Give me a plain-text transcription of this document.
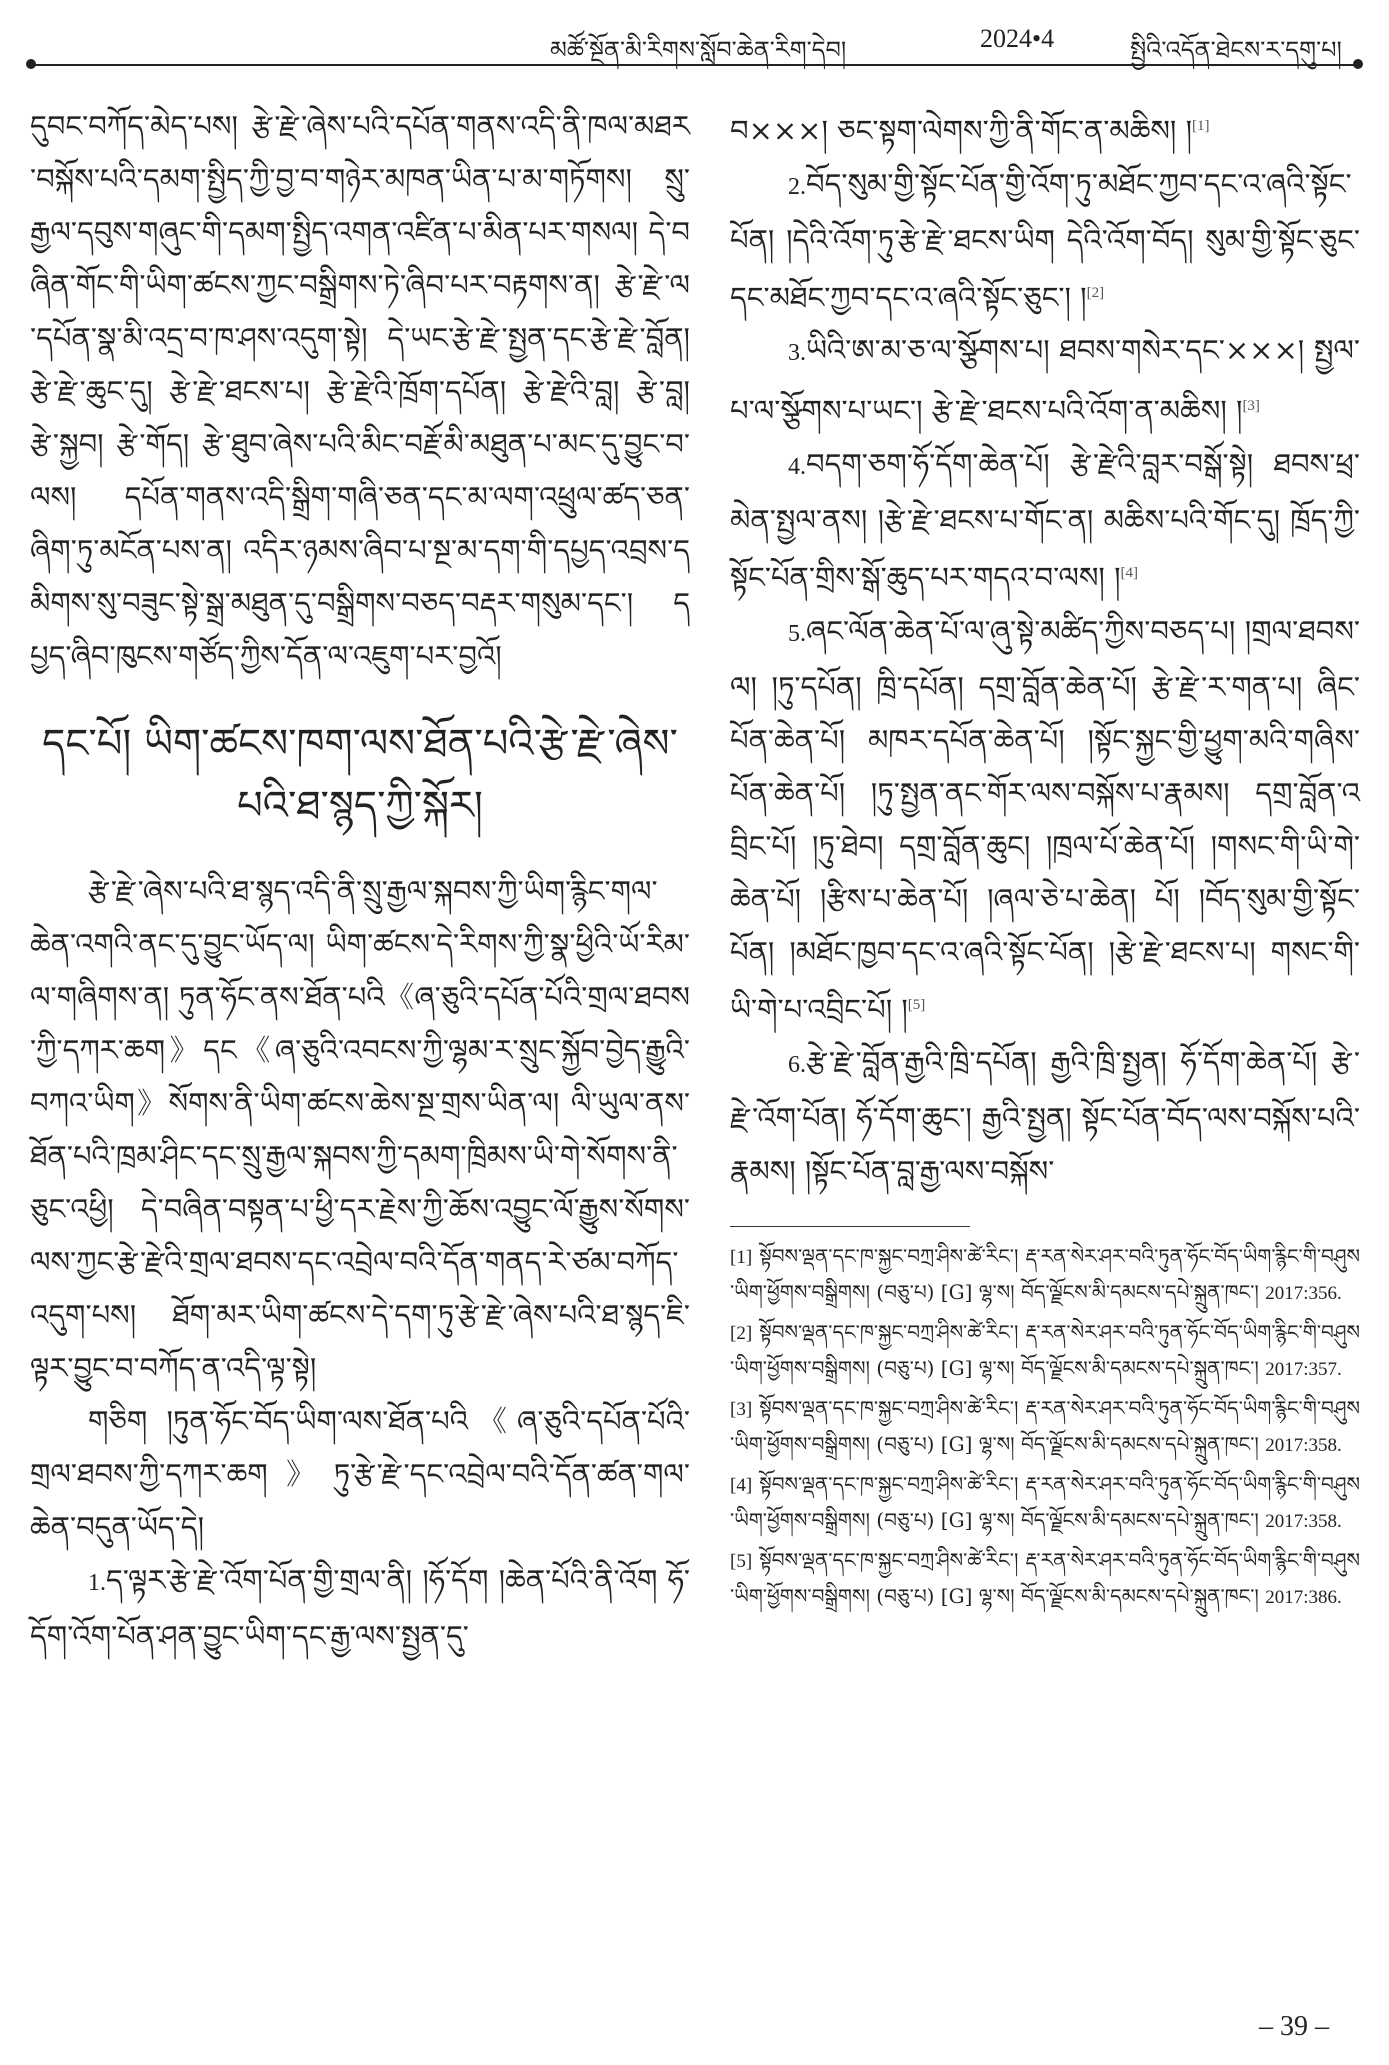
མཚོ་སྔོན་མི་རིགས་སློབ་ཆེན་རིག་དེབ།	2024•4	སྤྱིའི་འདོན་ཐེངས་ར་དགུ་པ།

དུབང་བཀོད་མེད་པས། རྩེ་རྫེ་ཞེས་པའི་དཔོན་གནས་འདི་ནི་ཁལ་མཐར་བསྐོས་པའི་དམག་སྤྱིད་ཀྱི་བྱ་བ་གཉེར་མཁན་ཡིན་པ་མ་གཏོགས། སྲུ་རྒྱལ་དབུས་གཞུང་གི་དམག་སྤྱིད་འགན་འཛིན་པ་མིན་པར་གསལ། དེ་བཞིན་གོང་གི་ཡིག་ཚངས་ཀྱང་བསྒྲིགས་ཏེ་ཞིབ་པར་བརྟགས་ན། རྩེ་རྫེ་ལ་དཔོན་སྣ་མི་འདྲ་བ་ཁ་ཤས་འདུག་སྟེ། དེ་ཡང་རྩེ་རྫེ་སྤྱན་དང་རྩེ་རྫེ་བློན། རྩེ་རྫེ་ཆུང་དུ། རྩེ་རྫེ་ཐངས་པ། རྩེ་རྫེའི་ཁྲོག་དཔོན། རྩེ་རྫེའི་བླ། རྩེ་བླ། རྩེ་སྐྱབ། རྩེ་གོད། རྩེ་ཐུབ་ཞེས་པའི་མིང་བརྗོ་མི་མཐུན་པ་མང་དུ་བྱུང་བ་ལས། དཔོན་གནས་འདི་སྒྲིག་གཞི་ཅན་དང་མ་ལག་འཕྲུལ་ཚད་ཅན་ཞིག་ཏུ་མངོན་པས་ན། འདིར་ཉམས་ཞིབ་པ་སྔ་མ་དག་གི་དཔྱད་འབྲས་དམིགས་སུ་བཟུང་སྟེ་སྒྲ་མཐུན་དུ་བསྒྲིགས་བཅད་བརྡར་གསུམ་དང་། དཔྱད་ཞིབ་ཁུངས་གཙོད་ཀྱིས་དོན་ལ་འཇུག་པར་བྱའོ།

དང་པོ། ཡིག་ཚངས་ཁག་ལས་ཐོན་པའི་རྩེ་རྫེ་ཞེས་པའི་ཐ་སྙད་ཀྱི་སྐོར།

རྩེ་རྫེ་ཞེས་པའི་ཐ་སྙད་འདི་ནི་སྲུ་རྒྱལ་སྐབས་ཀྱི་ཡིག་རྙིང་གལ་ཆེན་འགའི་ནང་དུ་བྱུང་ཡོད་ལ། ཡིག་ཚངས་དེ་རིགས་ཀྱི་སྣ་ཕྱིའི་ཡོ་རིམ་ལ་གཞིགས་ན། ཏུན་ཧོང་ནས་ཐོན་པའི《ཞ་ཅུའི་དཔོན་པོའི་གྲལ་ཐབས་ཀྱི་དཀར་ཆག》དང《ཞ་ཅུའི་འབངས་ཀྱི་ལྷམ་ར་སྲུང་སྐྱོབ་བྱེད་རྒྱུའི་བཀའ་ཡིག》སོགས་ནི་ཡིག་ཚངས་ཆེས་སྔ་གྲས་ཡིན་ལ། ལི་ཡུལ་ནས་ཐོན་པའི་ཁྲམ་ཤིང་དང་སྲུ་རྒྱལ་སྐབས་ཀྱི་དམག་ཁྲིམས་ཡི་གེ་སོགས་ནི་ཅུང་འཕྱི། དེ་བཞིན་བསྟན་པ་ཕྱི་དར་རྗེས་ཀྱི་ཆོས་འབྱུང་ལོ་རྒྱུས་སོགས་ལས་ཀྱང་རྩེ་རྫེའི་གྲལ་ཐབས་དང་འབྲེལ་བའི་དོན་གནད་རེ་ཙམ་བཀོད་འདུག་པས། ཐོག་མར་ཡིག་ཚངས་དེ་དག་ཏུ་རྩེ་རྫེ་ཞེས་པའི་ཐ་སྙད་ཇི་ལྟར་བྱུང་བ་བཀོད་ན་འདི་ལྟ་སྟེ།

གཅིག །ཏུན་ཧོང་བོད་ཡིག་ལས་ཐོན་པའི《ཞ་ཅུའི་དཔོན་པོའི་གྲལ་ཐབས་ཀྱི་དཀར་ཆག》ཏུ་རྩེ་རྫེ་དང་འབྲེལ་བའི་དོན་ཚན་གལ་ཆེན་བདུན་ཡོད་དེ།

1.ད་ལྟར་རྩེ་རྫེ་འོག་པོན་གྱི་གྲལ་ནི། །ཧོ་དོག །ཆེན་པོའི་ནི་འོག ཧོ་དོག་འོག་པོན་ཤན་བྱུང་ཡིག་དང་རྒྱ་ལས་སྤྱན་དུ་

བ×××། ཅང་སྟག་ལེགས་ཀྱི་ནི་གོང་ན་མཆིས། །[1]

2.བོད་སུམ་གྱི་སྟོང་པོན་གྱི་འོག་ཏུ་མཐོང་ཀྱབ་དང་འ་ཞའི་སྟོང་པོན། །དེའི་འོག་ཏུ་རྩེ་རྫེ་ཐངས་ཡིག དེའི་འོག་བོད། སུམ་གྱི་སྟོང་ཅུང་དང་མཐོང་ཀྱབ་དང་འ་ཞའི་སྟོང་ཅུང་། །[2]

3.ཡིའི་ཨ་མ་ཅ་ལ་སྩོགས་པ། ཐབས་གསེར་དང་×××། སྤྱལ་པ་ལ་སྩོགས་པ་ཡང་། རྩེ་རྫེ་ཐངས་པའི་འོག་ན་མཆིས། །[3]

4.བདག་ཅག་ཧོ་དོག་ཆེན་པོ། རྩེ་རྫེའི་བླར་བསྒོ་སྟེ། ཐབས་ཕྲ་མེན་སྤྱལ་ནས། །རྩེ་རྫེ་ཐངས་པ་གོང་ན། མཆིས་པའི་གོང་དུ། ཁྲོད་ཀྱི་སྟོང་པོན་གྲིས་སྒོ་ཆུད་པར་གདའ་བ་ལས། །[4]

5.ཞང་ལོན་ཆེན་པོ་ལ་ཞུ་སྟེ་མཚིད་ཀྱིས་བཅད་པ། །གྲལ་ཐབས་ལ། །ཏུ་དཔོན། ཁྲི་དཔོན། དགྲ་བློན་ཆེན་པོ། རྩེ་རྫེ་ར་གན་པ། ཞིང་པོན་ཆེན་པོ། མཁར་དཔོན་ཆེན་པོ། །སྟོང་སྐྱང་གྱི་ཕྱུག་མའི་གཞིས་པོན་ཆེན་པོ། །ཏུ་སྤྱན་ནང་གོར་ལས་བསྐོས་པ་རྣམས། དགྲ་བློན་འབྲིང་པོ། །ཏུ་ཐེབ། དགྲ་བློན་ཆུང། །ཁྲལ་པོ་ཆེན་པོ། །གསང་གི་ཡི་གེ་ཆེན་པོ། །རྩིས་པ་ཆེན་པོ། །ཞལ་ཅེ་པ་ཆེན། པོ། །བོད་སུམ་གྱི་སྟོང་པོན། །མཐོང་ཁྱབ་དང་འ་ཞའི་སྟོང་པོན། །རྩེ་རྫེ་ཐངས་པ། གསང་གི་ཡི་གེ་པ་འབྲིང་པོ། །[5]

6.རྩེ་རྫེ་བློན་རྒྱའི་ཁྲི་དཔོན། རྒྱའི་ཁྲི་སྤྱན། ཧོ་དོག་ཆེན་པོ། རྩེ་རྫེ་འོག་པོན། ཧོ་དོག་ཆུང་། རྒྱའི་སྤྱན། སྟོང་པོན་བོད་ལས་བསྐོས་པའི་རྣམས། །སྟོང་པོན་བླ་རྒྱ་ལས་བསྐོས་

[1] སྟོབས་ལྡན་དང་ཁ་སྐྱང་བཀྲ་ཤིས་ཚེ་རིང་། རྡ་རན་སེར་ཤར་བའི་ཏུན་ཧོང་བོད་ཡིག་རྙིང་གི་བཤུས་ཡིག་ཕྱོགས་བསྒྲིགས། (བཅུ་པ) [G] ལྷ་ས། བོད་ལྗོངས་མི་དམངས་དཔེ་སྐྲུན་ཁང་། 2017:356.

[2] སྟོབས་ལྡན་དང་ཁ་སྐྱང་བཀྲ་ཤིས་ཚེ་རིང་། རྡ་རན་སེར་ཤར་བའི་ཏུན་ཧོང་བོད་ཡིག་རྙིང་གི་བཤུས་ཡིག་ཕྱོགས་བསྒྲིགས། (བཅུ་པ) [G] ལྷ་ས། བོད་ལྗོངས་མི་དམངས་དཔེ་སྐྲུན་ཁང་། 2017:357.

[3] སྟོབས་ལྡན་དང་ཁ་སྐྱང་བཀྲ་ཤིས་ཚེ་རིང་། རྡ་རན་སེར་ཤར་བའི་ཏུན་ཧོང་བོད་ཡིག་རྙིང་གི་བཤུས་ཡིག་ཕྱོགས་བསྒྲིགས། (བཅུ་པ) [G] ལྷ་ས། བོད་ལྗོངས་མི་དམངས་དཔེ་སྐྲུན་ཁང་། 2017:358.

[4] སྟོབས་ལྡན་དང་ཁ་སྐྱང་བཀྲ་ཤིས་ཚེ་རིང་། རྡ་རན་སེར་ཤར་བའི་ཏུན་ཧོང་བོད་ཡིག་རྙིང་གི་བཤུས་ཡིག་ཕྱོགས་བསྒྲིགས། (བཅུ་པ) [G] ལྷ་ས། བོད་ལྗོངས་མི་དམངས་དཔེ་སྐྲུན་ཁང་། 2017:358.

[5] སྟོབས་ལྡན་དང་ཁ་སྐྱང་བཀྲ་ཤིས་ཚེ་རིང་། རྡ་རན་སེར་ཤར་བའི་ཏུན་ཧོང་བོད་ཡིག་རྙིང་གི་བཤུས་ཡིག་ཕྱོགས་བསྒྲིགས། (བཅུ་པ) [G] ལྷ་ས། བོད་ལྗོངས་མི་དམངས་དཔེ་སྐྲུན་ཁང་། 2017:386.

– 39 –
